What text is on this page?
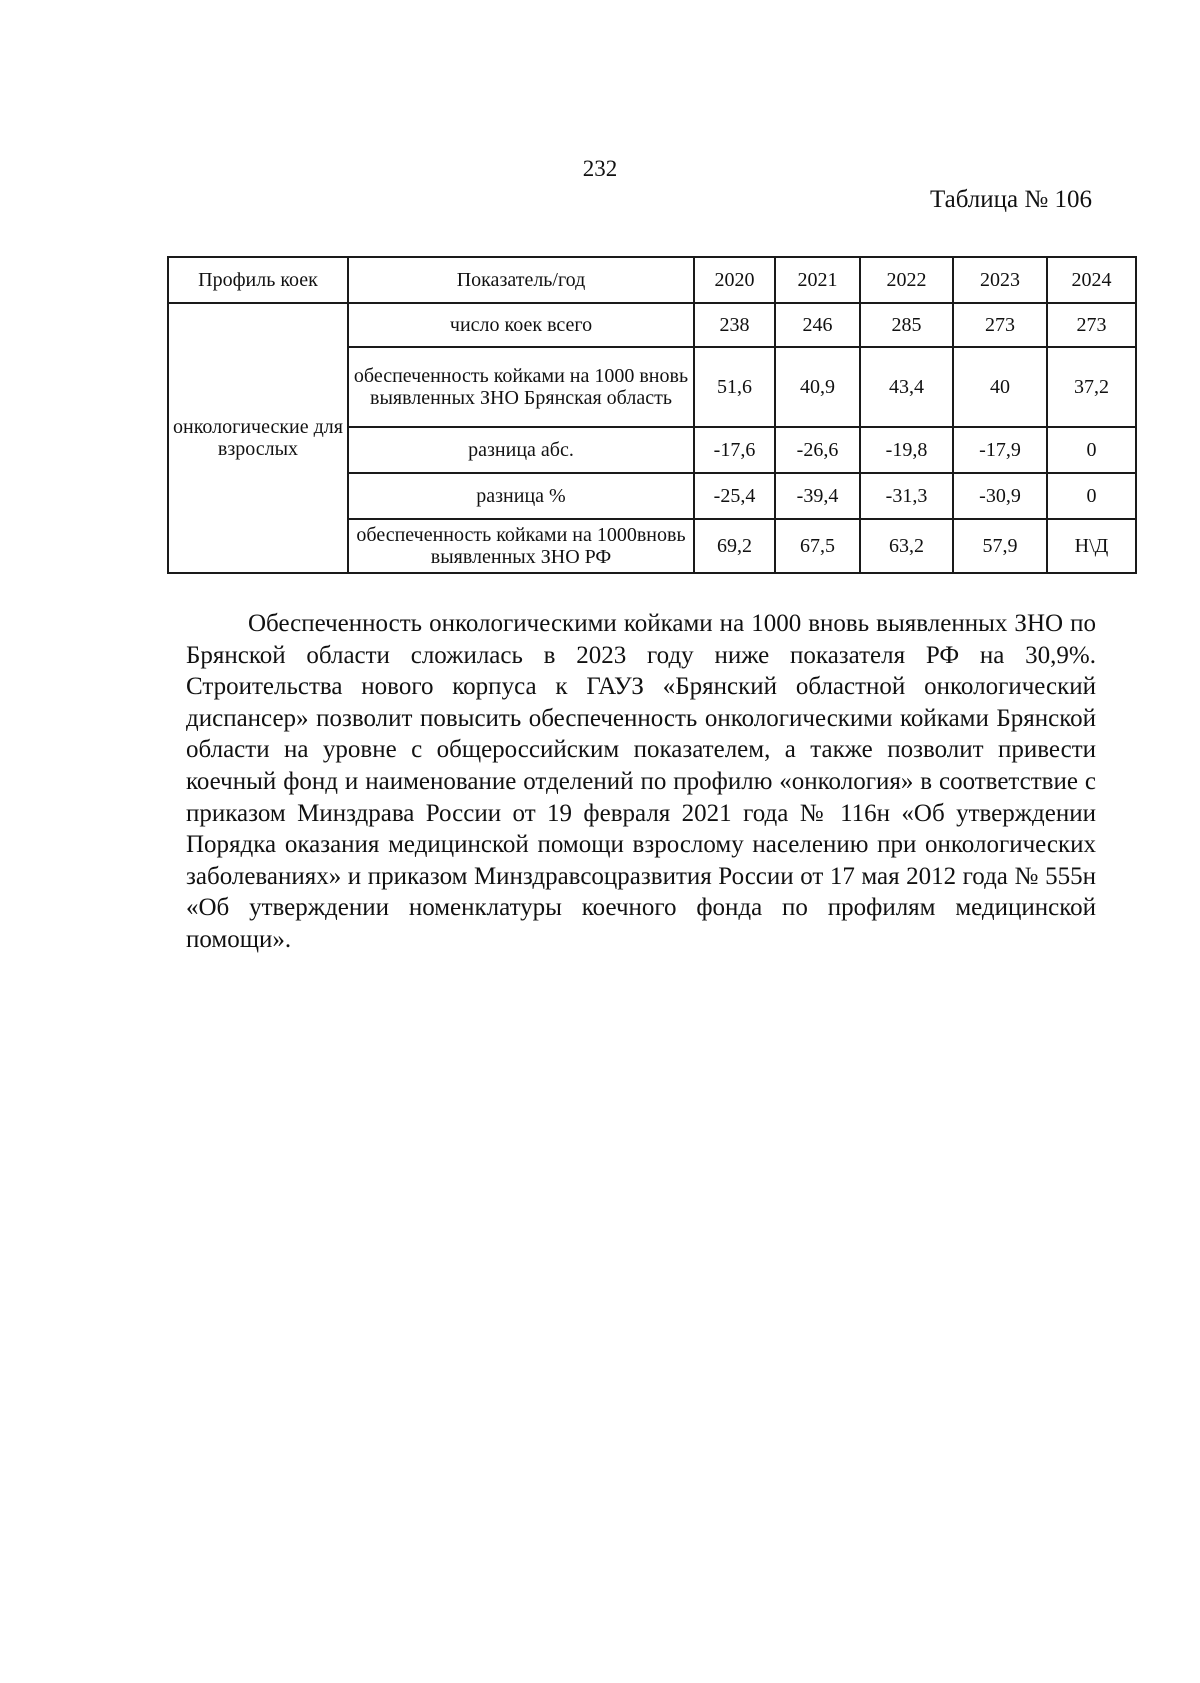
232
Таблица № 106
Профиль коек	Показатель/год	2020	2021	2022	2023	2024
онкологические для взрослых	число коек всего	238	246	285	273	273
	обеспеченность койками на 1000 вновь выявленных ЗНО Брянская область	51,6	40,9	43,4	40	37,2
	разница абс.	-17,6	-26,6	-19,8	-17,9	0
	разница %	-25,4	-39,4	-31,3	-30,9	0
	обеспеченность койками на 1000вновь выявленных ЗНО РФ	69,2	67,5	63,2	57,9	Н\Д

Обеспеченность онкологическими койками на 1000 вновь выявленных ЗНО по Брянской области сложилась в 2023 году ниже показателя РФ на 30,9%. Строительства нового корпуса к ГАУЗ «Брянский областной онкологический диспансер» позволит повысить обеспеченность онкологическими койками Брянской области на уровне с общероссийским показателем, а также позволит привести коечный фонд и наименование отделений по профилю «онкология» в соответствие с приказом Минздрава России от 19 февраля 2021 года № 116н «Об утверждении Порядка оказания медицинской помощи взрослому населению при онкологических заболеваниях» и приказом Минздравсоцразвития России от 17 мая 2012 года № 555н «Об утверждении номенклатуры коечного фонда по профилям медицинской помощи».
